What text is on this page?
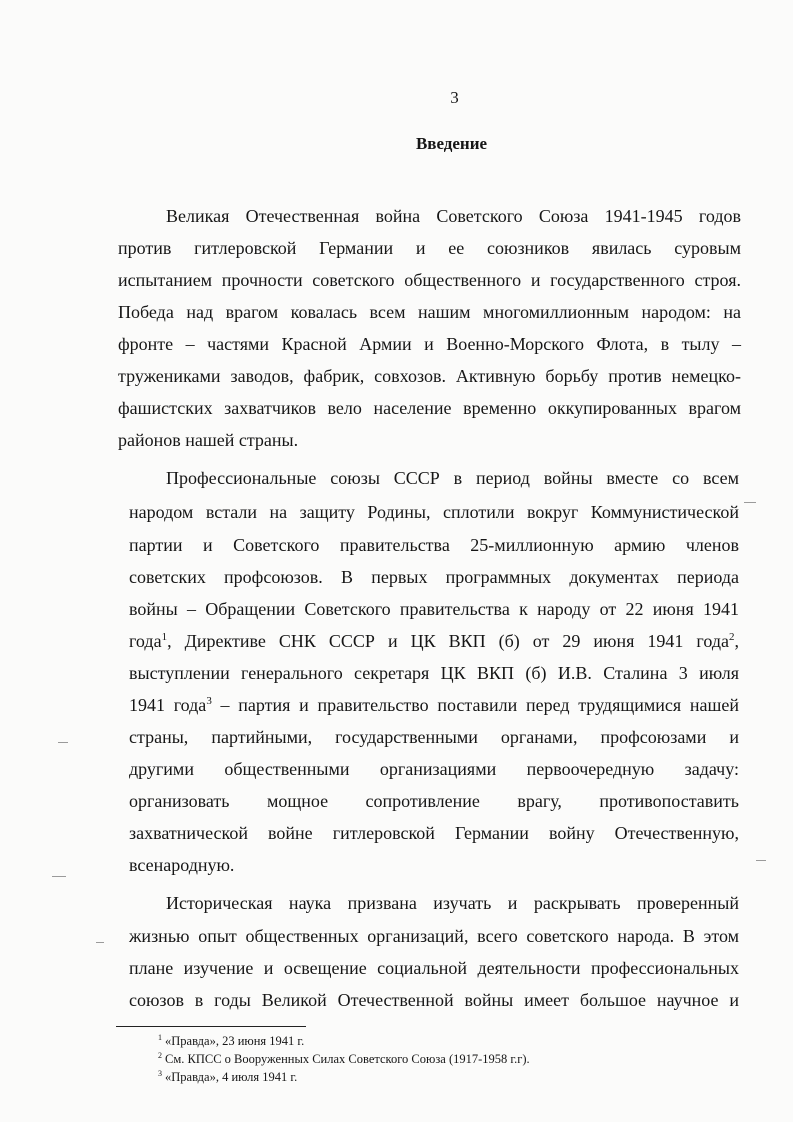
3
Введение
Великая Отечественная война Советского Союза 1941-1945 годов
против гитлеровской Германии и ее союзников явилась суровым
испытанием прочности советского общественного и государственного строя.
Победа над врагом ковалась всем нашим многомиллионным народом: на
фронте – частями Красной Армии и Военно-Морского Флота, в тылу –
тружениками заводов, фабрик, совхозов. Активную борьбу против немецко-
фашистских захватчиков вело население временно оккупированных врагом
районов нашей страны.
Профессиональные союзы СССР в период войны вместе со всем
народом встали на защиту Родины, сплотили вокруг Коммунистической
партии и Советского правительства 25-миллионную армию членов
советских профсоюзов. В первых программных документах периода
войны – Обращении Советского правительства к народу от 22 июня 1941
года$^1$, Директиве СНК СССР и ЦК ВКП (б) от 29 июня 1941 года$^2$,
выступлении генерального секретаря ЦК ВКП (б) И.В. Сталина 3 июля
1941 года$^3$ – партия и правительство поставили перед трудящимися нашей
страны, партийными, государственными органами, профсоюзами и
другими общественными организациями первоочередную задачу:
организовать мощное сопротивление врагу, противопоставить
захватнической войне гитлеровской Германии войну Отечественную,
всенародную.
Историческая наука призвана изучать и раскрывать проверенный
жизнью опыт общественных организаций, всего советского народа. В этом
плане изучение и освещение социальной деятельности профессиональных
союзов в годы Великой Отечественной войны имеет большое научное и
$^1$ «Правда», 23 июня 1941 г.
$^2$ См. КПСС о Вооруженных Силах Советского Союза (1917-1958 г.г).
$^3$ «Правда», 4 июля 1941 г.
